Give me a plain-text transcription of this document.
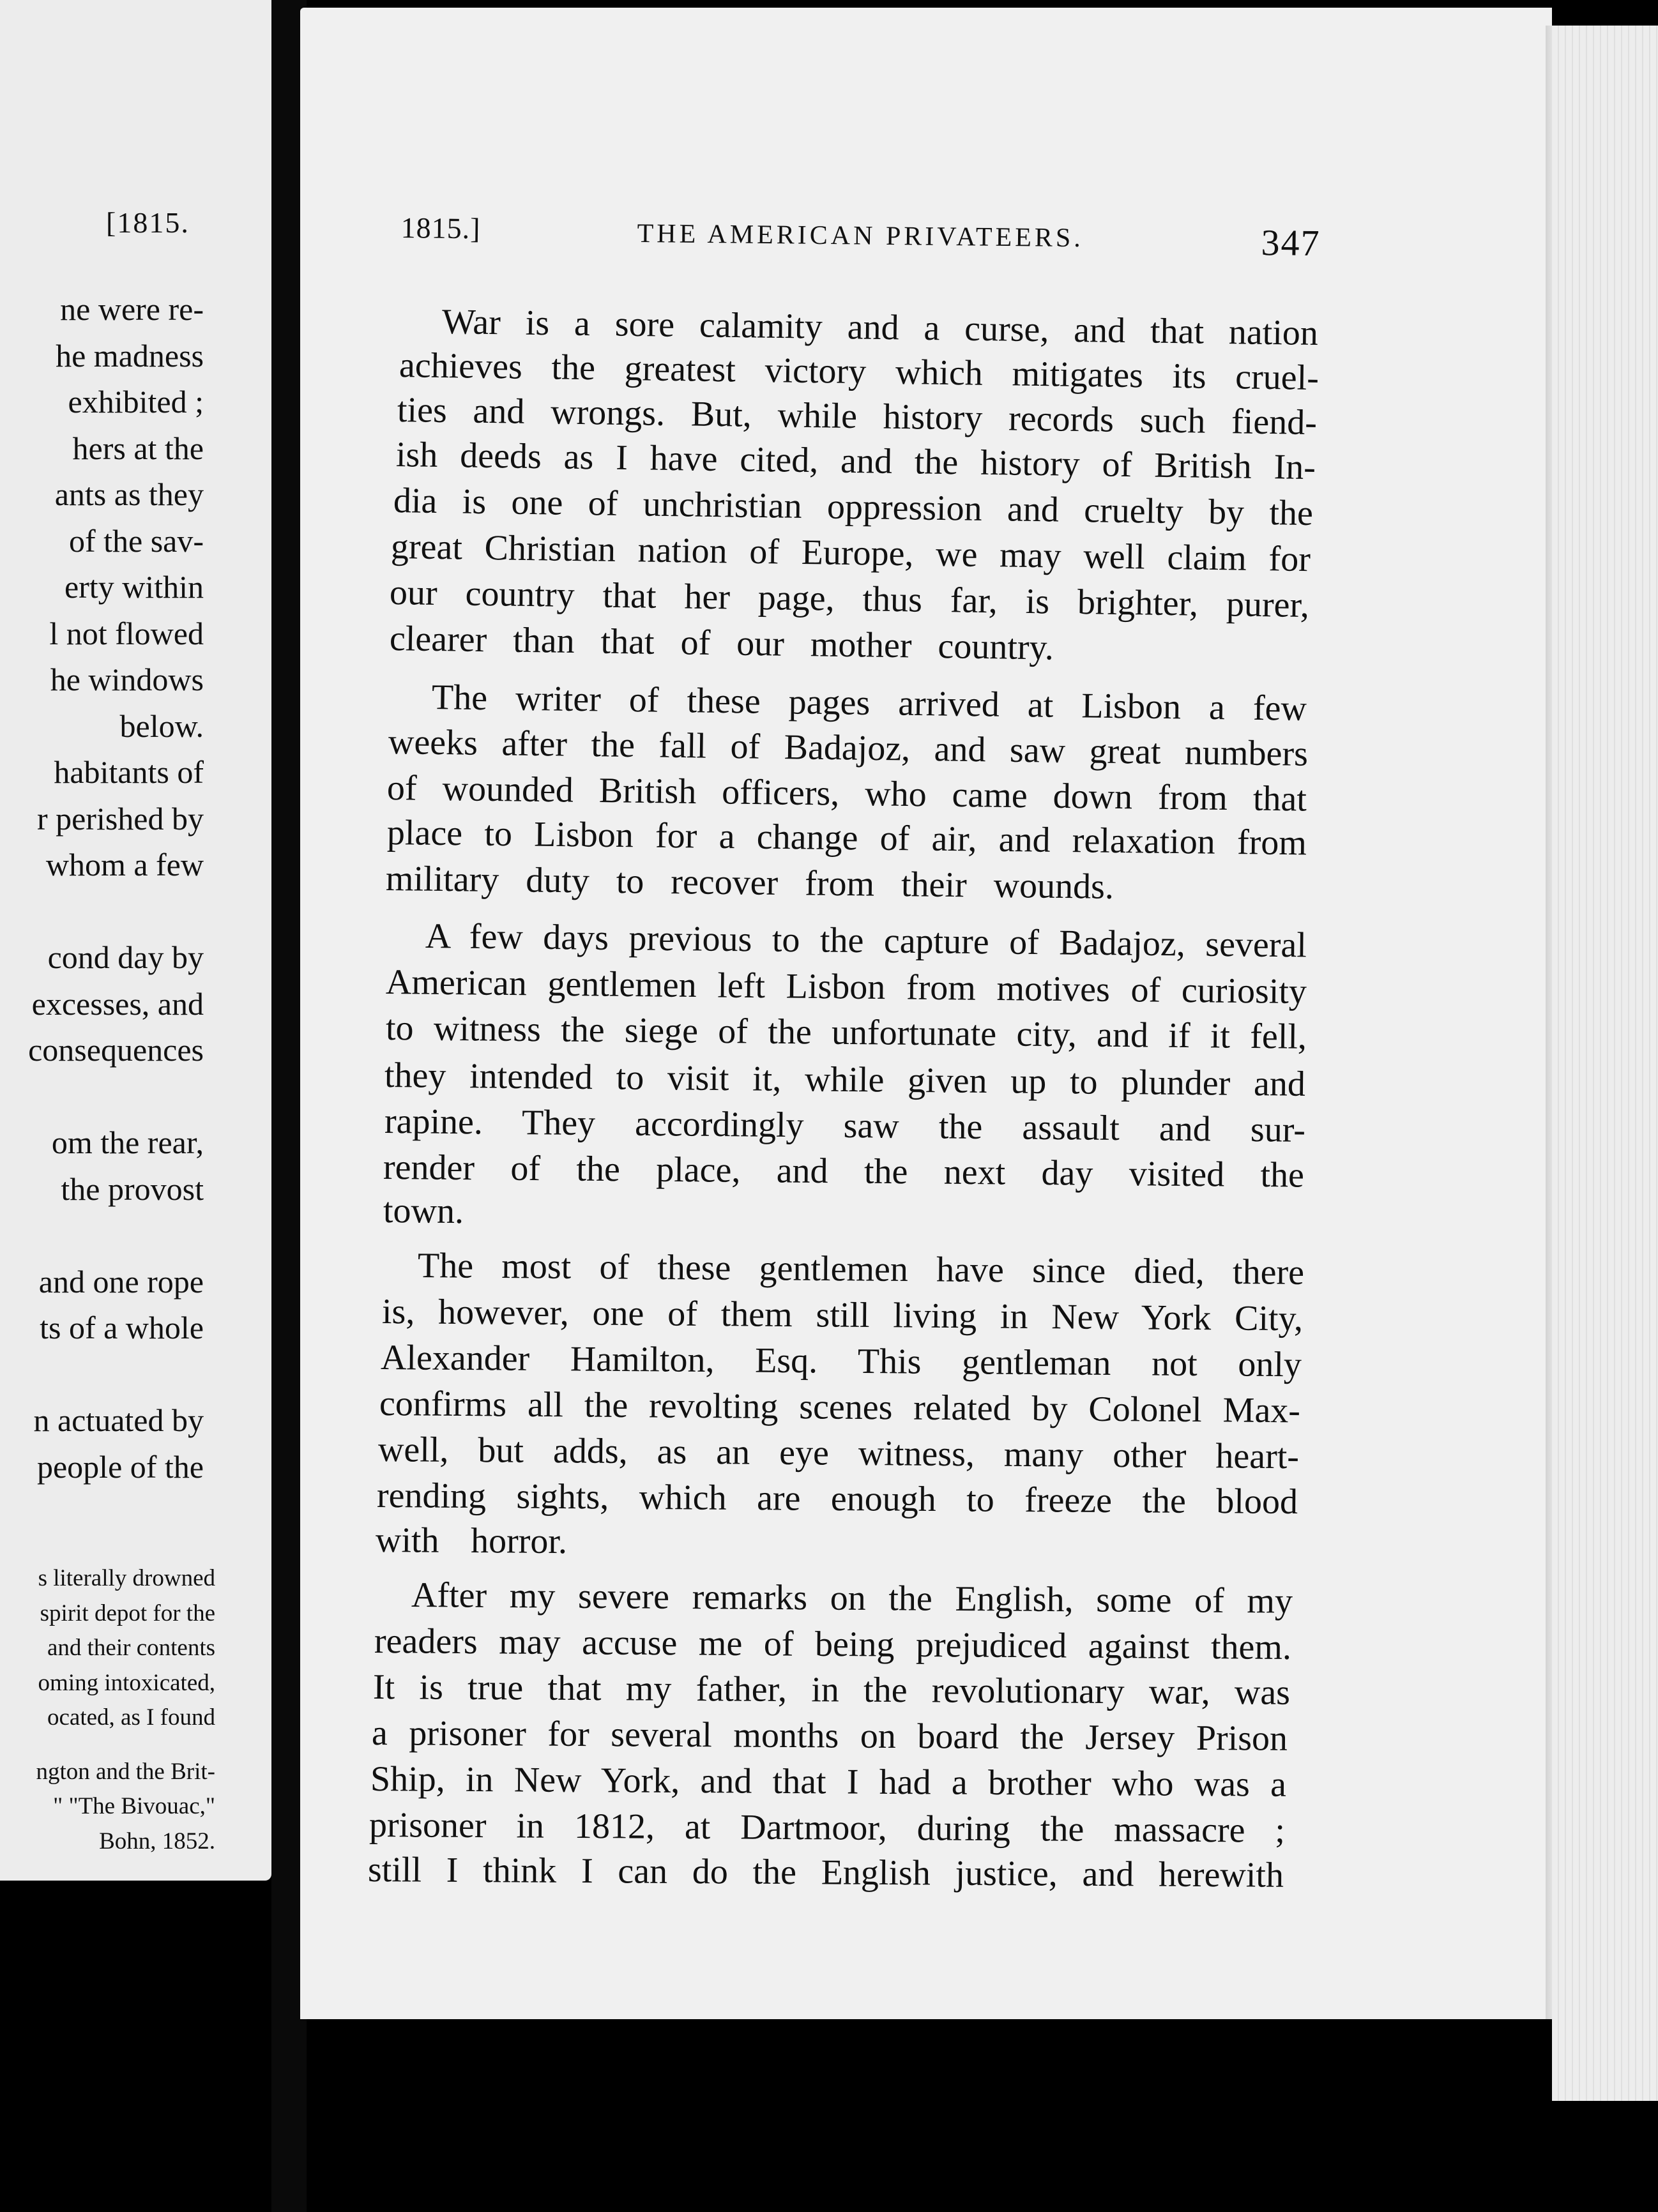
[1815.

ne were re-
he madness
exhibited ;
hers at the
ants as they
of the sav-
erty within
l not flowed
he windows
below.
habitants of
r perished by
whom a few
cond day by
excesses, and
consequences
om the rear,
the provost
and one rope
ts of a whole
n actuated by
people of the
s literally drowned
spirit depot for the
and their contents
oming intoxicated,
ocated, as I found
ngton and the Brit-
" "The Bivouac,"
Bohn, 1852.
1815.]	THE AMERICAN PRIVATEERS.	347
War is a sore calamity and a curse, and that nation
achieves the greatest victory which mitigates its cruel-
ties and wrongs. But, while history records such fiend-
ish deeds as I have cited, and the history of British In-
dia is one of unchristian oppression and cruelty by the
great Christian nation of Europe, we may well claim for
our country that her page, thus far, is brighter, purer,
clearer than that of our mother country.
The writer of these pages arrived at Lisbon a few
weeks after the fall of Badajoz, and saw great numbers
of wounded British officers, who came down from that
place to Lisbon for a change of air, and relaxation from
military duty to recover from their wounds.
A few days previous to the capture of Badajoz, several
American gentlemen left Lisbon from motives of curiosity
to witness the siege of the unfortunate city, and if it fell,
they intended to visit it, while given up to plunder and
rapine. They accordingly saw the assault and sur-
render of the place, and the next day visited the
town.
The most of these gentlemen have since died, there
is, however, one of them still living in New York City,
Alexander Hamilton, Esq. This gentleman not only
confirms all the revolting scenes related by Colonel Max-
well, but adds, as an eye witness, many other heart-
rending sights, which are enough to freeze the blood
with horror.
After my severe remarks on the English, some of my
readers may accuse me of being prejudiced against them.
It is true that my father, in the revolutionary war, was
a prisoner for several months on board the Jersey Prison
Ship, in New York, and that I had a brother who was a
prisoner in 1812, at Dartmoor, during the massacre ;
still I think I can do the English justice, and herewith
